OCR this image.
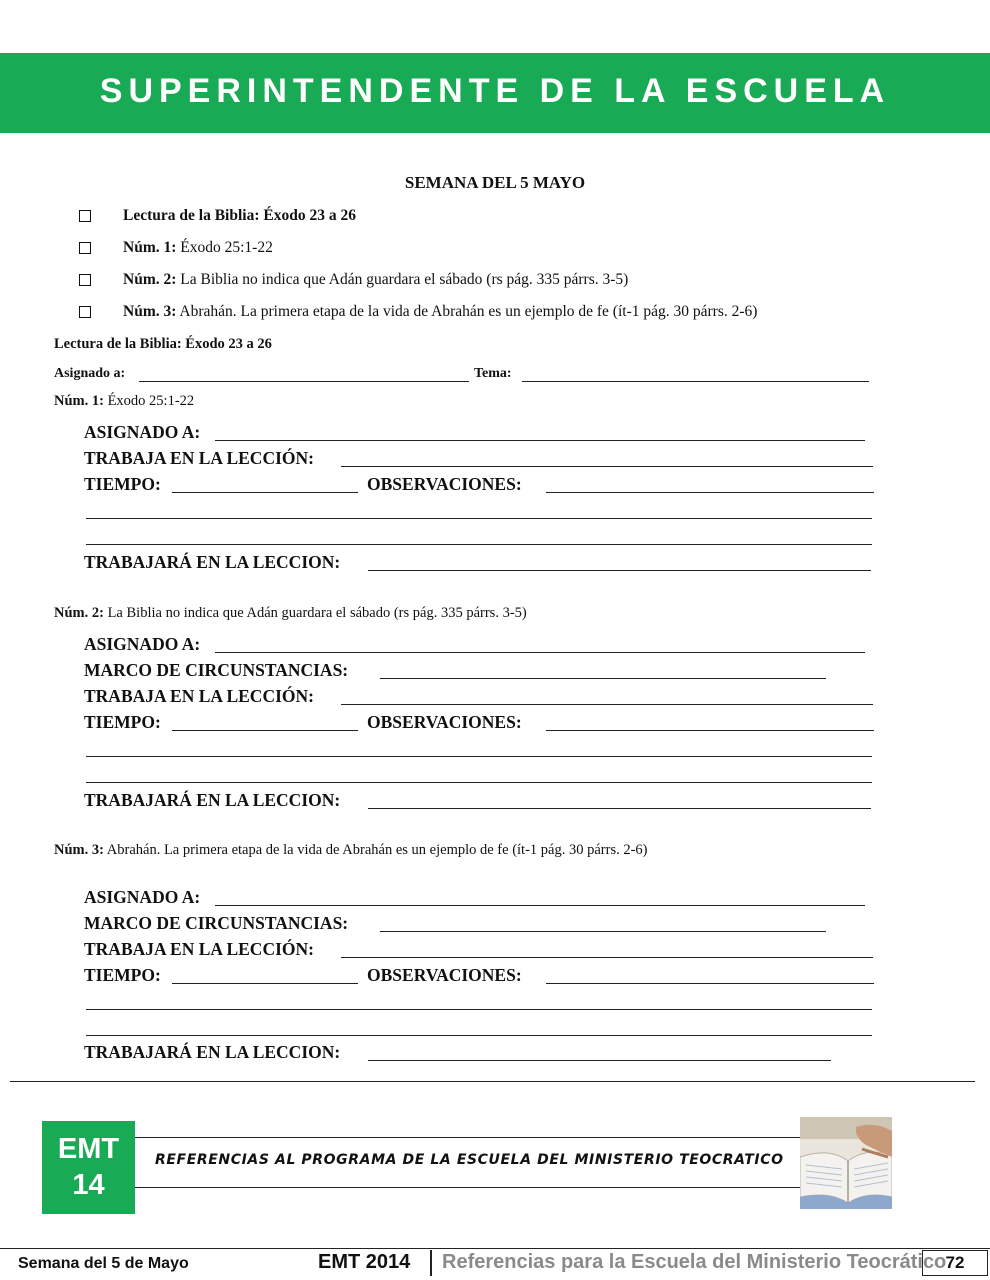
SUPERINTENDENTE DE LA ESCUELA
SEMANA DEL 5 MAYO
Lectura de la Biblia: Éxodo 23 a 26
Núm. 1: Éxodo 25:1-22
Núm. 2: La Biblia no indica que Adán guardara el sábado (rs pág. 335 párrs. 3-5)
Núm. 3: Abrahán. La primera etapa de la vida de Abrahán es un ejemplo de fe (ít-1 pág. 30 párrs. 2-6)
Lectura de la Biblia: Éxodo 23 a 26
Asignado a:	Tema:
Núm. 1: Éxodo 25:1-22
ASIGNADO A:
TRABAJA EN LA LECCIÓN:
TIEMPO:	OBSERVACIONES:
TRABAJARÁ EN LA LECCION:
Núm. 2: La Biblia no indica que Adán guardara el sábado (rs pág. 335 párrs. 3-5)
ASIGNADO A:
MARCO DE CIRCUNSTANCIAS:
TRABAJA EN LA LECCIÓN:
TIEMPO:	OBSERVACIONES:
TRABAJARÁ EN LA LECCION:
Núm. 3: Abrahán. La primera etapa de la vida de Abrahán es un ejemplo de fe (ít-1 pág. 30 párrs. 2-6)
ASIGNADO A:
MARCO DE CIRCUNSTANCIAS:
TRABAJA EN LA LECCIÓN:
TIEMPO:	OBSERVACIONES:
TRABAJARÁ EN LA LECCION:
EMT
14
REFERENCIAS AL PROGRAMA DE LA ESCUELA DEL MINISTERIO TEOCRATICO
Semana del 5 de Mayo	EMT 2014 Referencias para la Escuela del Ministerio Teocrático 72
